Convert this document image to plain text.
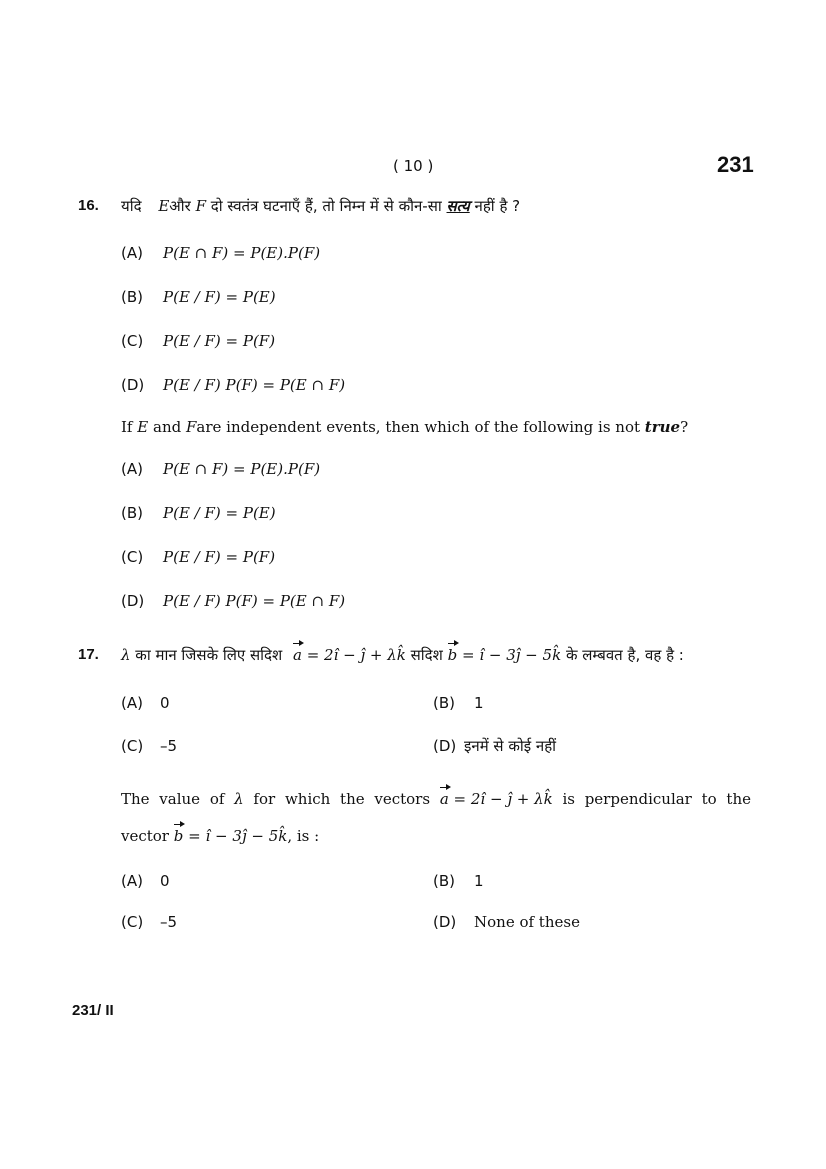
( 10 )	231
16. यदि Eऔर F दो स्वतंत्र घटनाएँ हैं, तो निम्न में से कौन-सा सत्य नहीं है ?
(A) P(E ∩ F) = P(E).P(F)
(B) P(E / F) = P(E)
(C) P(E / F) = P(F)
(D) P(E / F) P(F) = P(E ∩ F)
If E and Fare independent events, then which of the following is not true?
(A) P(E ∩ F) = P(E).P(F)
(B) P(E / F) = P(E)
(C) P(E / F) = P(F)
(D) P(E / F) P(F) = P(E ∩ F)
17. λ का मान जिसके लिए सदिश a = 2î − ĵ + λk̂ सदिश b = î − 3ĵ − 5k̂ के लम्बवत है, वह है :
(A) 0	(B) 1
(C) –5	(D) इनमें से कोई नहीं
The value of λ for which the vectors a = 2î − ĵ + λk̂ is perpendicular to the
vector b = î − 3ĵ − 5k̂, is :
(A) 0	(B) 1
(C) –5	(D) None of these
231/ II
